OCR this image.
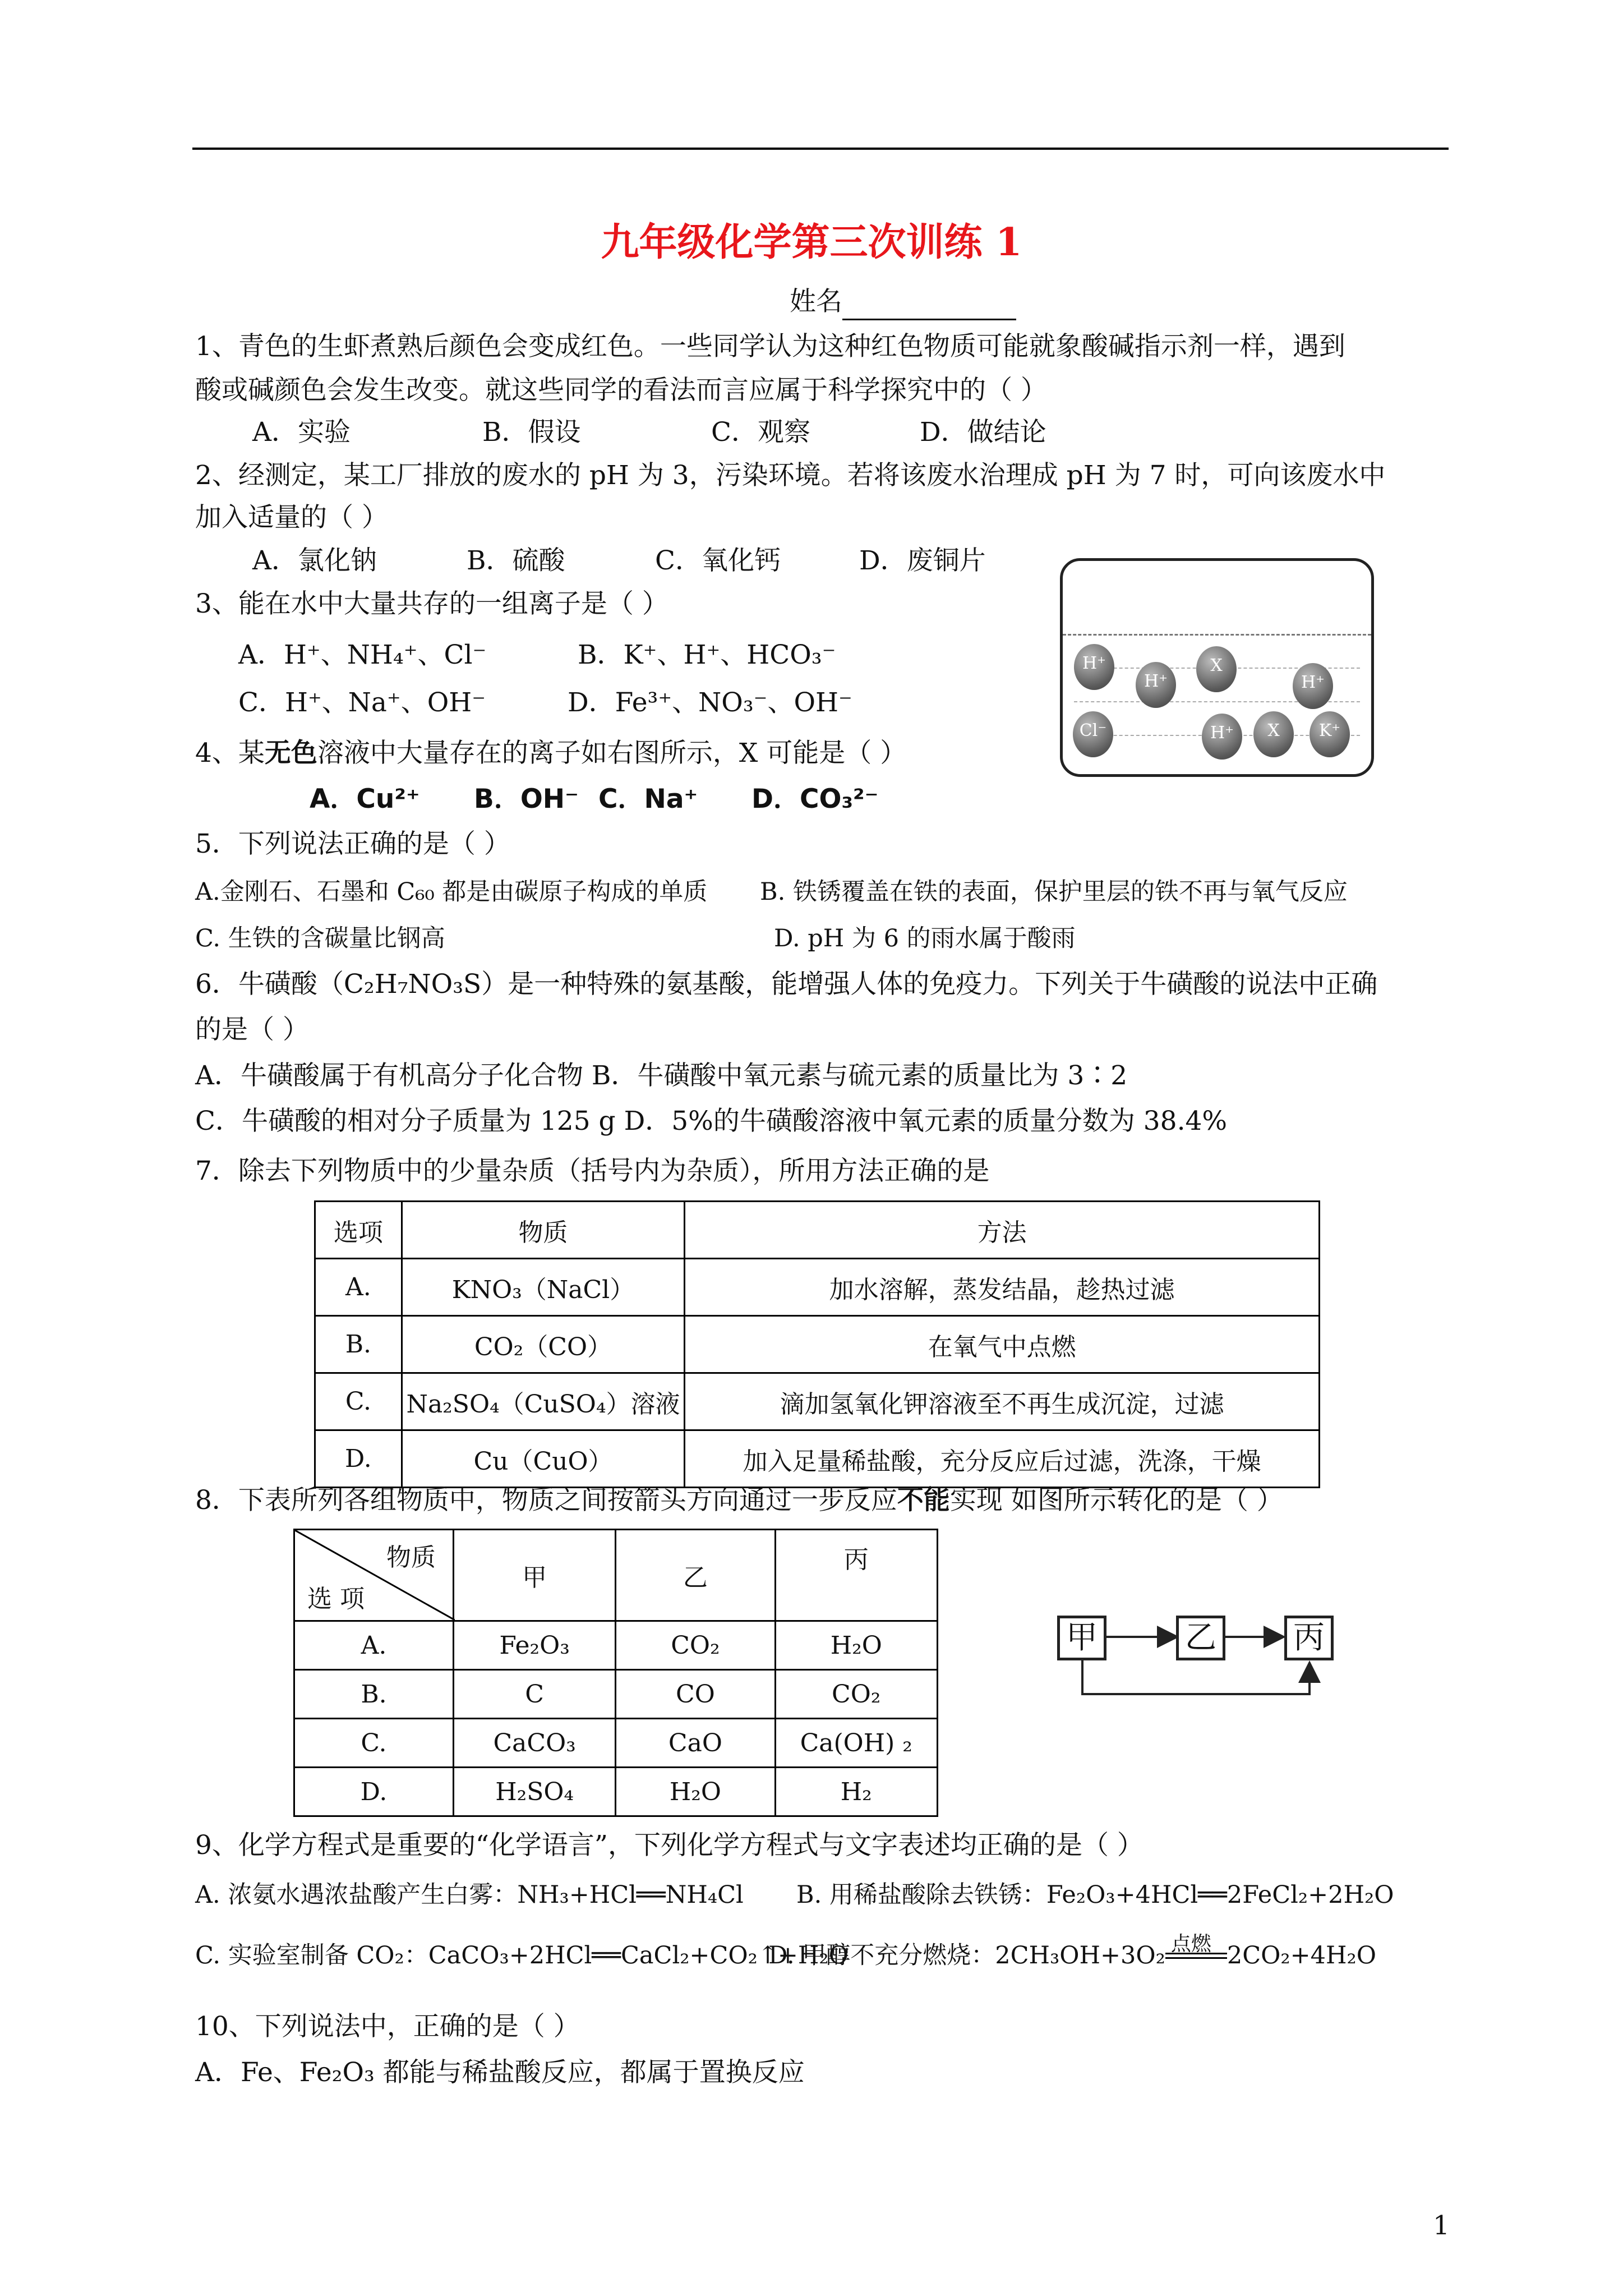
九年级化学第三次训练 1
姓名
1、青色的生虾煮熟后颜色会变成红色。一些同学认为这种红色物质可能就象酸碱指示剂一样，遇到
酸或碱颜色会发生改变。就这些同学的看法而言应属于科学探究中的（ ）
A．实验	B．假设	C．观察	D．做结论
2、经测定，某工厂排放的废水的 pH 为 3，污染环境。若将该废水治理成 pH 为 7 时，可向该废水中
加入适量的（ ）
A．氯化钠	B．硫酸	C．氧化钙	D．废铜片
3、能在水中大量共存的一组离子是（ ）
A．H⁺、NH₄⁺、Cl⁻	B．K⁺、H⁺、HCO₃⁻
C．H⁺、Na⁺、OH⁻	D．Fe³⁺、NO₃⁻、OH⁻
H⁺
H⁺
X
H⁺
Cl⁻	H⁺	X	K⁺
4、某无色溶液中大量存在的离子如右图所示，X 可能是（ ）
A．Cu²⁺ B．OH⁻ C．Na⁺ D．CO₃²⁻
5．下列说法正确的是（ ）
A.金刚石、石墨和 C₆₀ 都是由碳原子构成的单质 B. 铁锈覆盖在铁的表面，保护里层的铁不再与氧气反应
C. 生铁的含碳量比钢高	D. pH 为 6 的雨水属于酸雨
6．牛磺酸（C₂H₇NO₃S）是一种特殊的氨基酸，能增强人体的免疫力。下列关于牛磺酸的说法中正确
的是（ ）
A．牛磺酸属于有机高分子化合物 B．牛磺酸中氧元素与硫元素的质量比为 3∶2
C．牛磺酸的相对分子质量为 125 g D．5%的牛磺酸溶液中氧元素的质量分数为 38.4%
7．除去下列物质中的少量杂质（括号内为杂质），所用方法正确的是
选项	物质	方法
A.	KNO₃（NaCl）	加水溶解，蒸发结晶，趁热过滤
B.	CO₂（CO）	在氧气中点燃
C.	Na₂SO₄（CuSO₄）溶液	滴加氢氧化钾溶液至不再生成沉淀，过滤
D.	Cu（CuO）	加入足量稀盐酸，充分反应后过滤，洗涤，干燥
8．下表所列各组物质中，物质之间按箭头方向通过一步反应不能实现 如图所示转化的是（ ）
物质
选 项	甲	乙	丙
A.	Fe₂O₃	CO₂	H₂O
B.	C	CO	CO₂
C.	CaCO₃	CaO	Ca(OH) ₂
D.	H₂SO₄	H₂O	H₂
甲	乙 丙
9、化学方程式是重要的“化学语言”，下列化学方程式与文字表述均正确的是（ ）
A. 浓氨水遇浓盐酸产生白雾：NH₃+HCl══NH₄Cl B. 用稀盐酸除去铁锈：Fe₂O₃+4HCl══2FeCl₂+2H₂O
C. 实验室制备 CO₂：CaCO₃+2HCl══CaCl₂+CO₂↑+H₂O
D. 甲醇不充分燃烧：2CH₃OH+3O₂ 点燃 2CO₂+4H₂O
10、下列说法中，正确的是（ ）
A．Fe、Fe₂O₃ 都能与稀盐酸反应，都属于置换反应
1
